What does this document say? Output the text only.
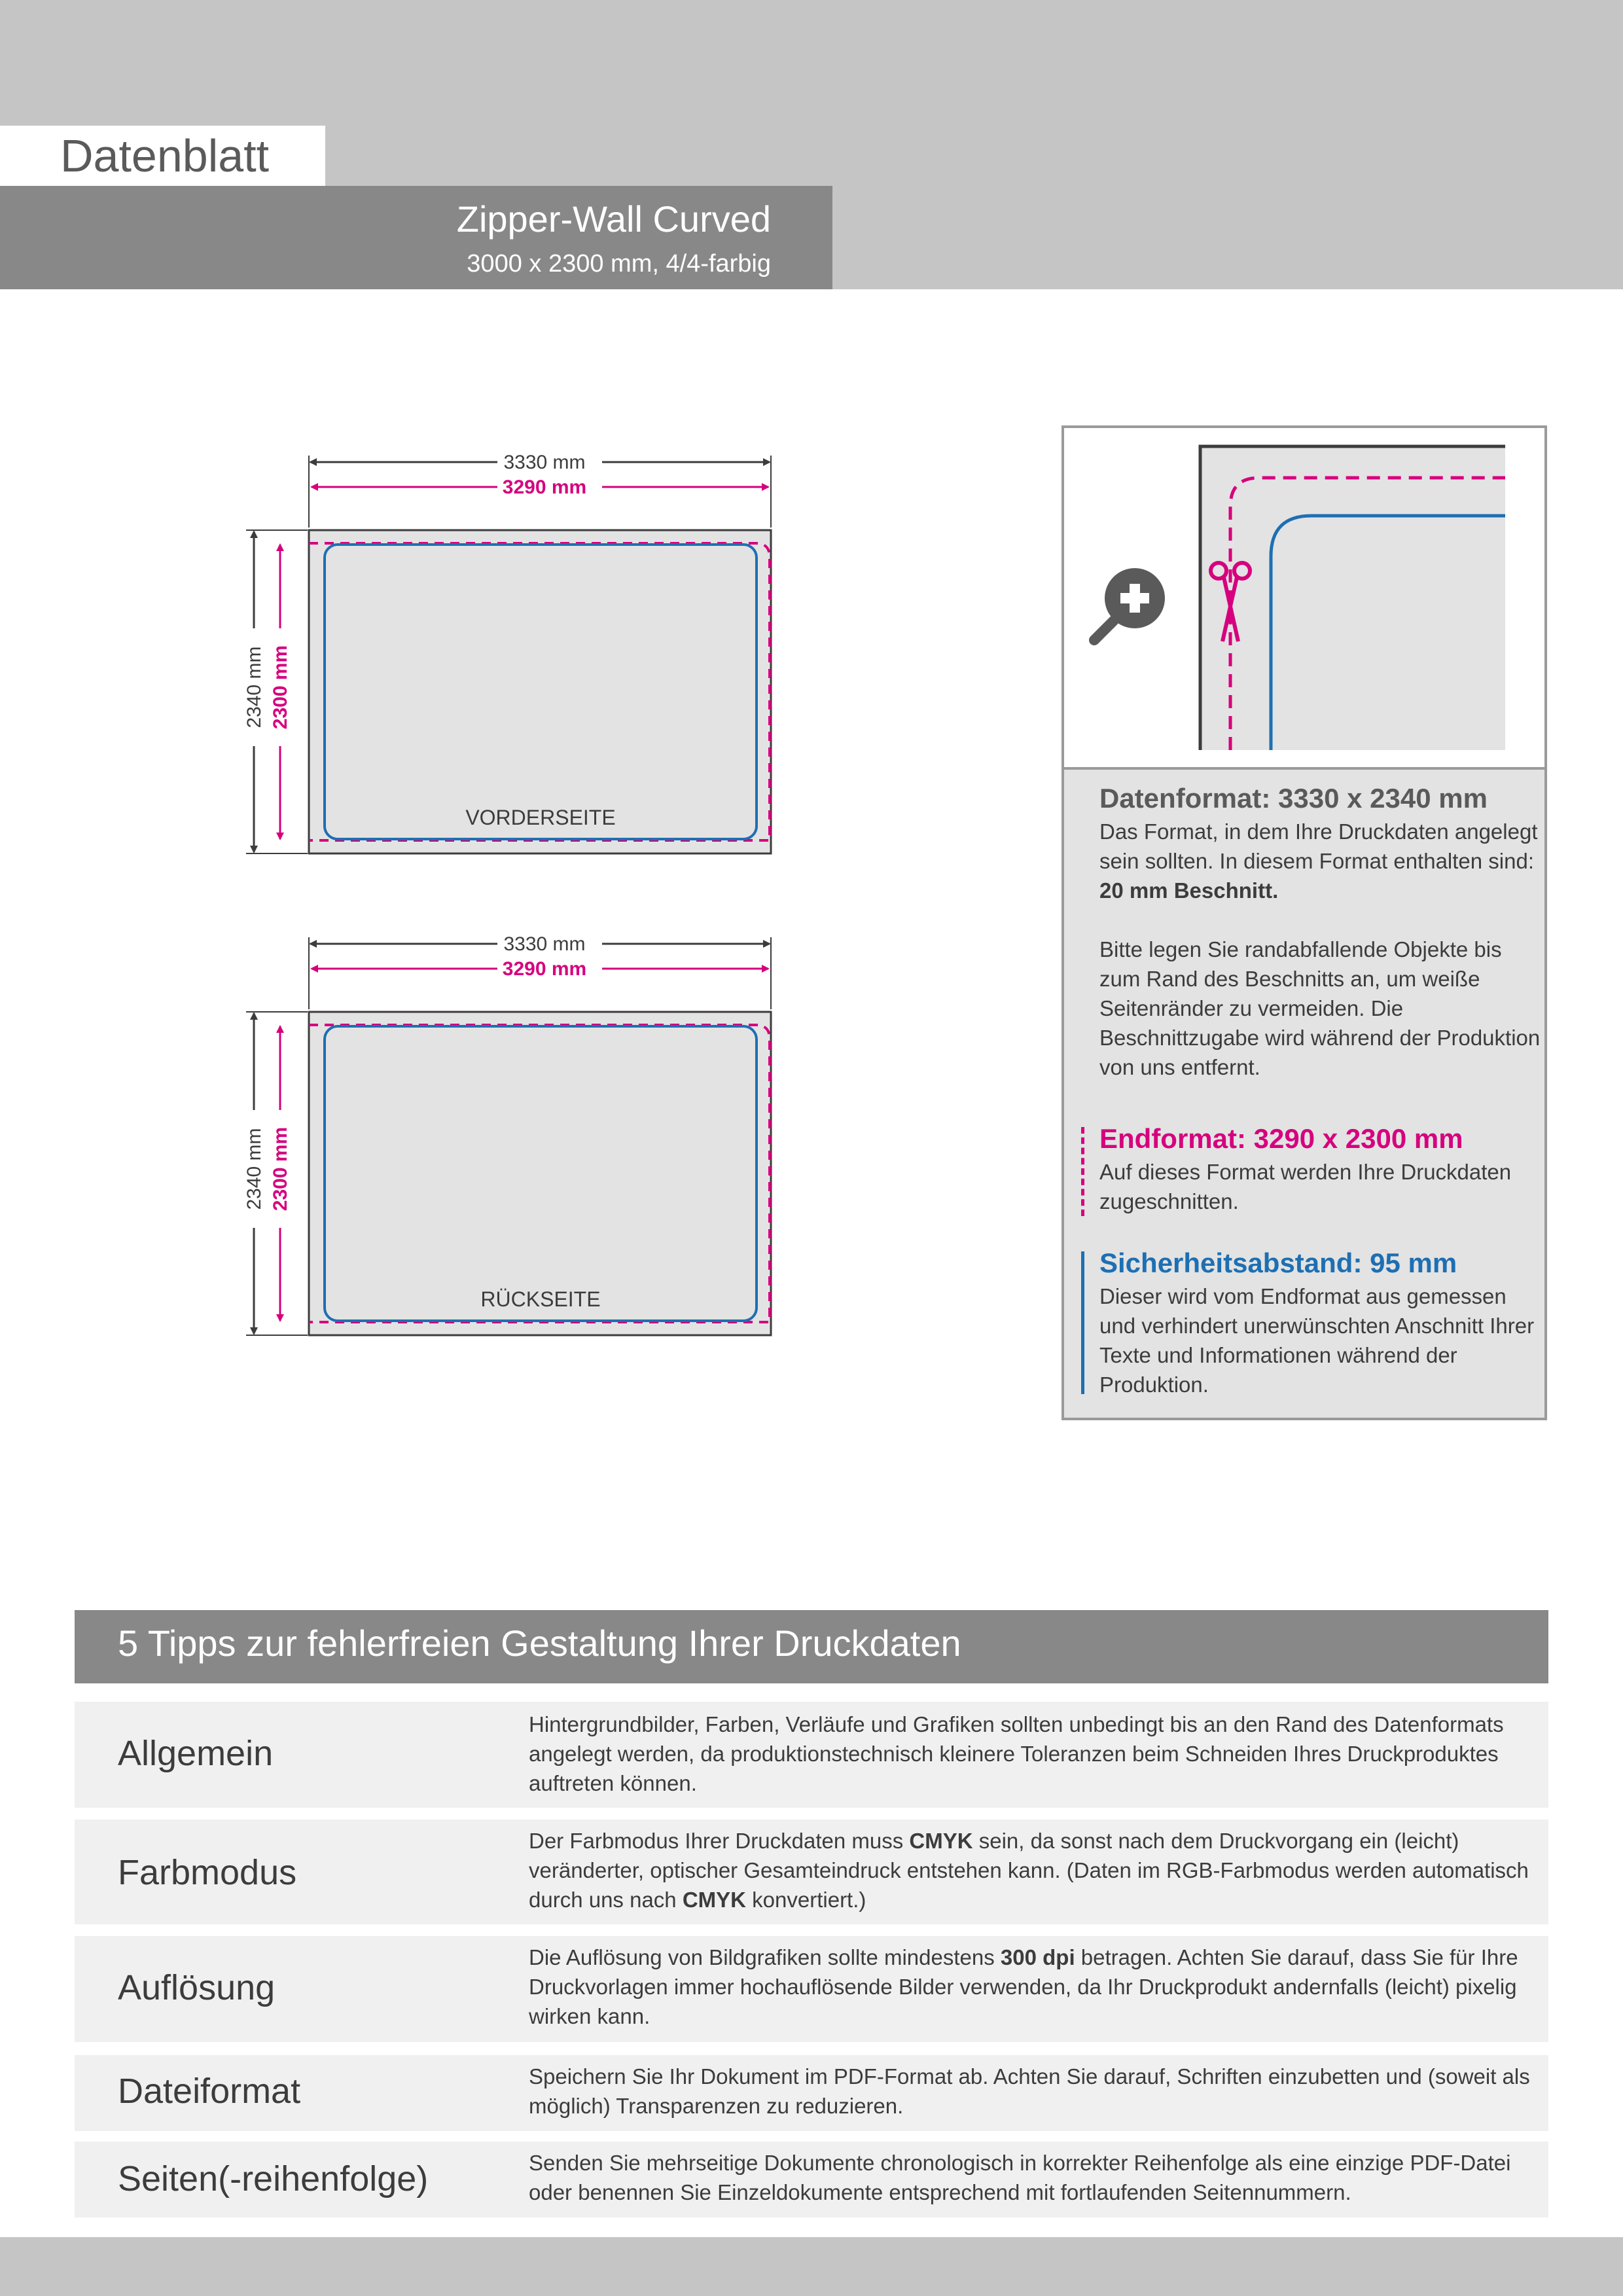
Datenblatt
Zipper-Wall Curved
3000 x 2300 mm, 4/4-farbig
3330 mm
3290 mm
2340 mm 2300 mm
VORDERSEITE
3330 mm
3290 mm
2340 mm 2300 mm
RÜCKSEITE
Datenformat: 3330 x 2340 mm
Das Format, in dem Ihre Druckdaten angelegt sein sollten. In diesem Format enthalten sind: 20 mm Beschnitt.
Bitte legen Sie randabfallende Objekte bis zum Rand des Beschnitts an, um weiße Seitenränder zu vermeiden. Die Beschnittzugabe wird während der Produktion von uns entfernt.
Endformat: 3290 x 2300 mm
Auf dieses Format werden Ihre Druckdaten zugeschnitten.
Sicherheitsabstand: 95 mm
Dieser wird vom Endformat aus gemessen und verhindert unerwünschten Anschnitt Ihrer Texte und Informationen während der Produktion.
5 Tipps zur fehlerfreien Gestaltung Ihrer Druckdaten
Allgemein
Hintergrundbilder, Farben, Verläufe und Grafiken sollten unbedingt bis an den Rand des Datenformats angelegt werden, da produktionstechnisch kleinere Toleranzen beim Schneiden Ihres Druckproduktes auftreten können.
Farbmodus
Der Farbmodus Ihrer Druckdaten muss CMYK sein, da sonst nach dem Druckvorgang ein (leicht) veränderter, optischer Gesamteindruck entstehen kann. (Daten im RGB-Farbmodus werden automatisch durch uns nach CMYK konvertiert.)
Auflösung
Die Auflösung von Bildgrafiken sollte mindestens 300 dpi betragen. Achten Sie darauf, dass Sie für Ihre Druckvorlagen immer hochauflösende Bilder verwenden, da Ihr Druckprodukt andernfalls (leicht) pixelig wirken kann.
Dateiformat	Speichern Sie Ihr Dokument im PDF-Format ab. Achten Sie darauf, Schriften einzubetten und (soweit als möglich) Transparenzen zu reduzieren.
Seiten(-reihenfolge)	Senden Sie mehrseitige Dokumente chronologisch in korrekter Reihenfolge als eine einzige PDF-Datei oder benennen Sie Einzeldokumente entsprechend mit fortlaufenden Seitennummern.
